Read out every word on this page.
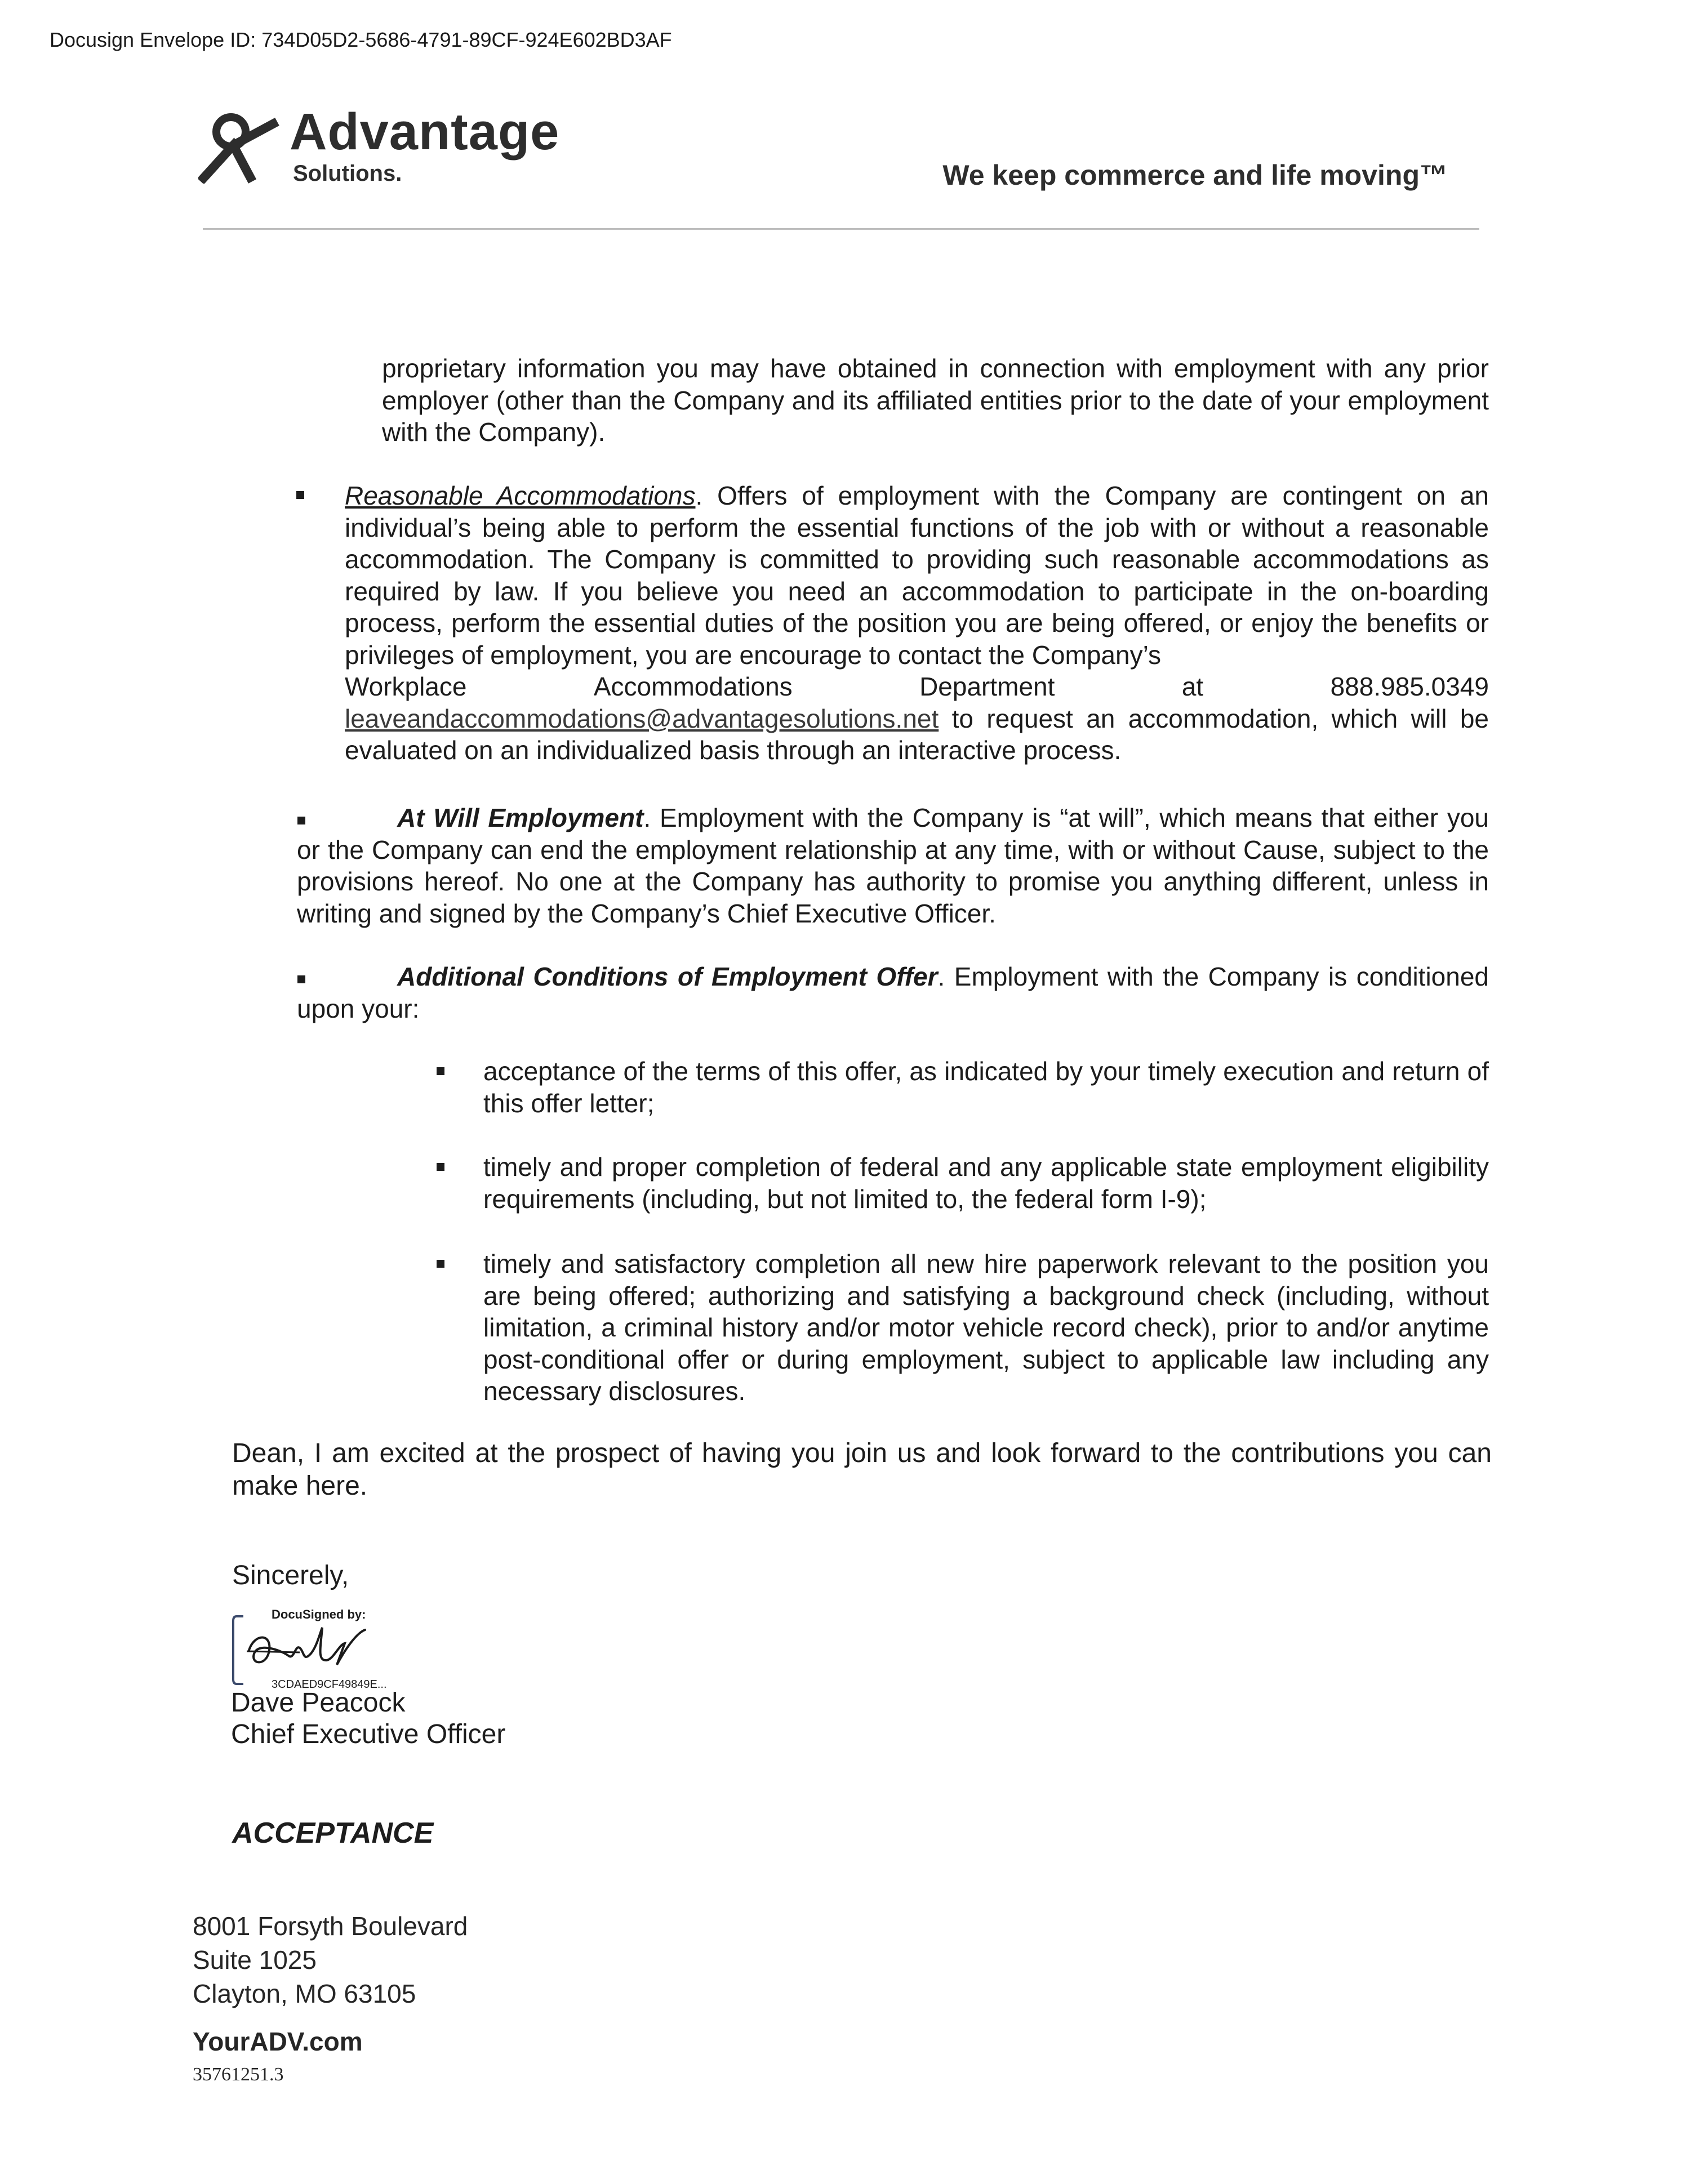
Docusign Envelope ID: 734D05D2-5686-4791-89CF-924E602BD3AF
Advantage
Solutions.	We keep commerce and life moving™
proprietary information you may have obtained in connection with employment with any prior employer (other than the Company and its affiliated entities prior to the date of your employment with the Company).
Reasonable Accommodations. Offers of employment with the Company are contingent on an individual’s being able to perform the essential functions of the job with or without a reasonable accommodation. The Company is committed to providing such reasonable accommodations as required by law. If you believe you need an accommodation to participate in the on-boarding process, perform the essential duties of the position you are being offered, or enjoy the benefits or privileges of employment, you are encourage to contact the Company’s
Workplace	Accommodations	Department	at	888.985.0349
leaveandaccommodations@advantagesolutions.net to request an accommodation, which will be evaluated on an individualized basis through an interactive process.
At Will Employment. Employment with the Company is “at will”, which means that either you or the Company can end the employment relationship at any time, with or without Cause, subject to the provisions hereof. No one at the Company has authority to promise you anything different, unless in writing and signed by the Company’s Chief Executive Officer.
Additional Conditions of Employment Offer. Employment with the Company is conditioned upon your:
acceptance of the terms of this offer, as indicated by your timely execution and return of this offer letter;
timely and proper completion of federal and any applicable state employment eligibility requirements (including, but not limited to, the federal form I-9);
timely and satisfactory completion all new hire paperwork relevant to the position you are being offered; authorizing and satisfying a background check (including, without limitation, a criminal history and/or motor vehicle record check), prior to and/or anytime post-conditional offer or during employment, subject to applicable law including any necessary disclosures.
Dean, I am excited at the prospect of having you join us and look forward to the contributions you can make here.
Sincerely,
DocuSigned by:
3CDAED9CF49849E...
Dave Peacock
Chief Executive Officer
ACCEPTANCE
8001 Forsyth Boulevard
Suite 1025
Clayton, MO 63105
YourADV.com
35761251.3
